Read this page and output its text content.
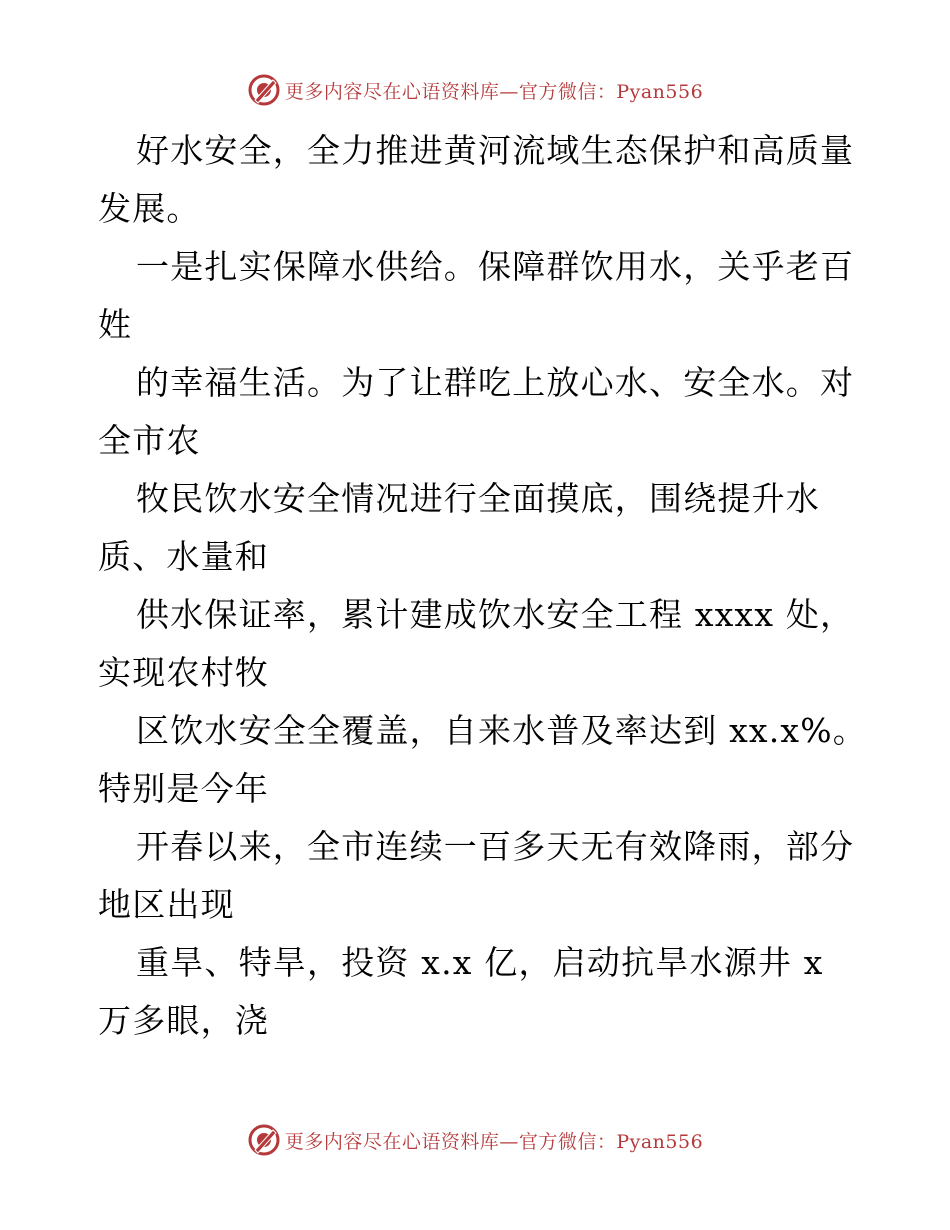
更多内容尽在心语资料库—官方微信：Pyan556
好水安全，全力推进黄河流域生态保护和高质量
发展。
一是扎实保障水供给。保障群饮用水，关乎老百
姓
的幸福生活。为了让群吃上放心水、安全水。对
全市农
牧民饮水安全情况进行全面摸底，围绕提升水
质、水量和
供水保证率，累计建成饮水安全工程 xxxx 处，
实现农村牧
区饮水安全全覆盖，自来水普及率达到 xx.x%。
特别是今年
开春以来，全市连续一百多天无有效降雨，部分
地区出现
重旱、特旱，投资 x.x 亿，启动抗旱水源井 x
万多眼，浇
更多内容尽在心语资料库—官方微信：Pyan556
